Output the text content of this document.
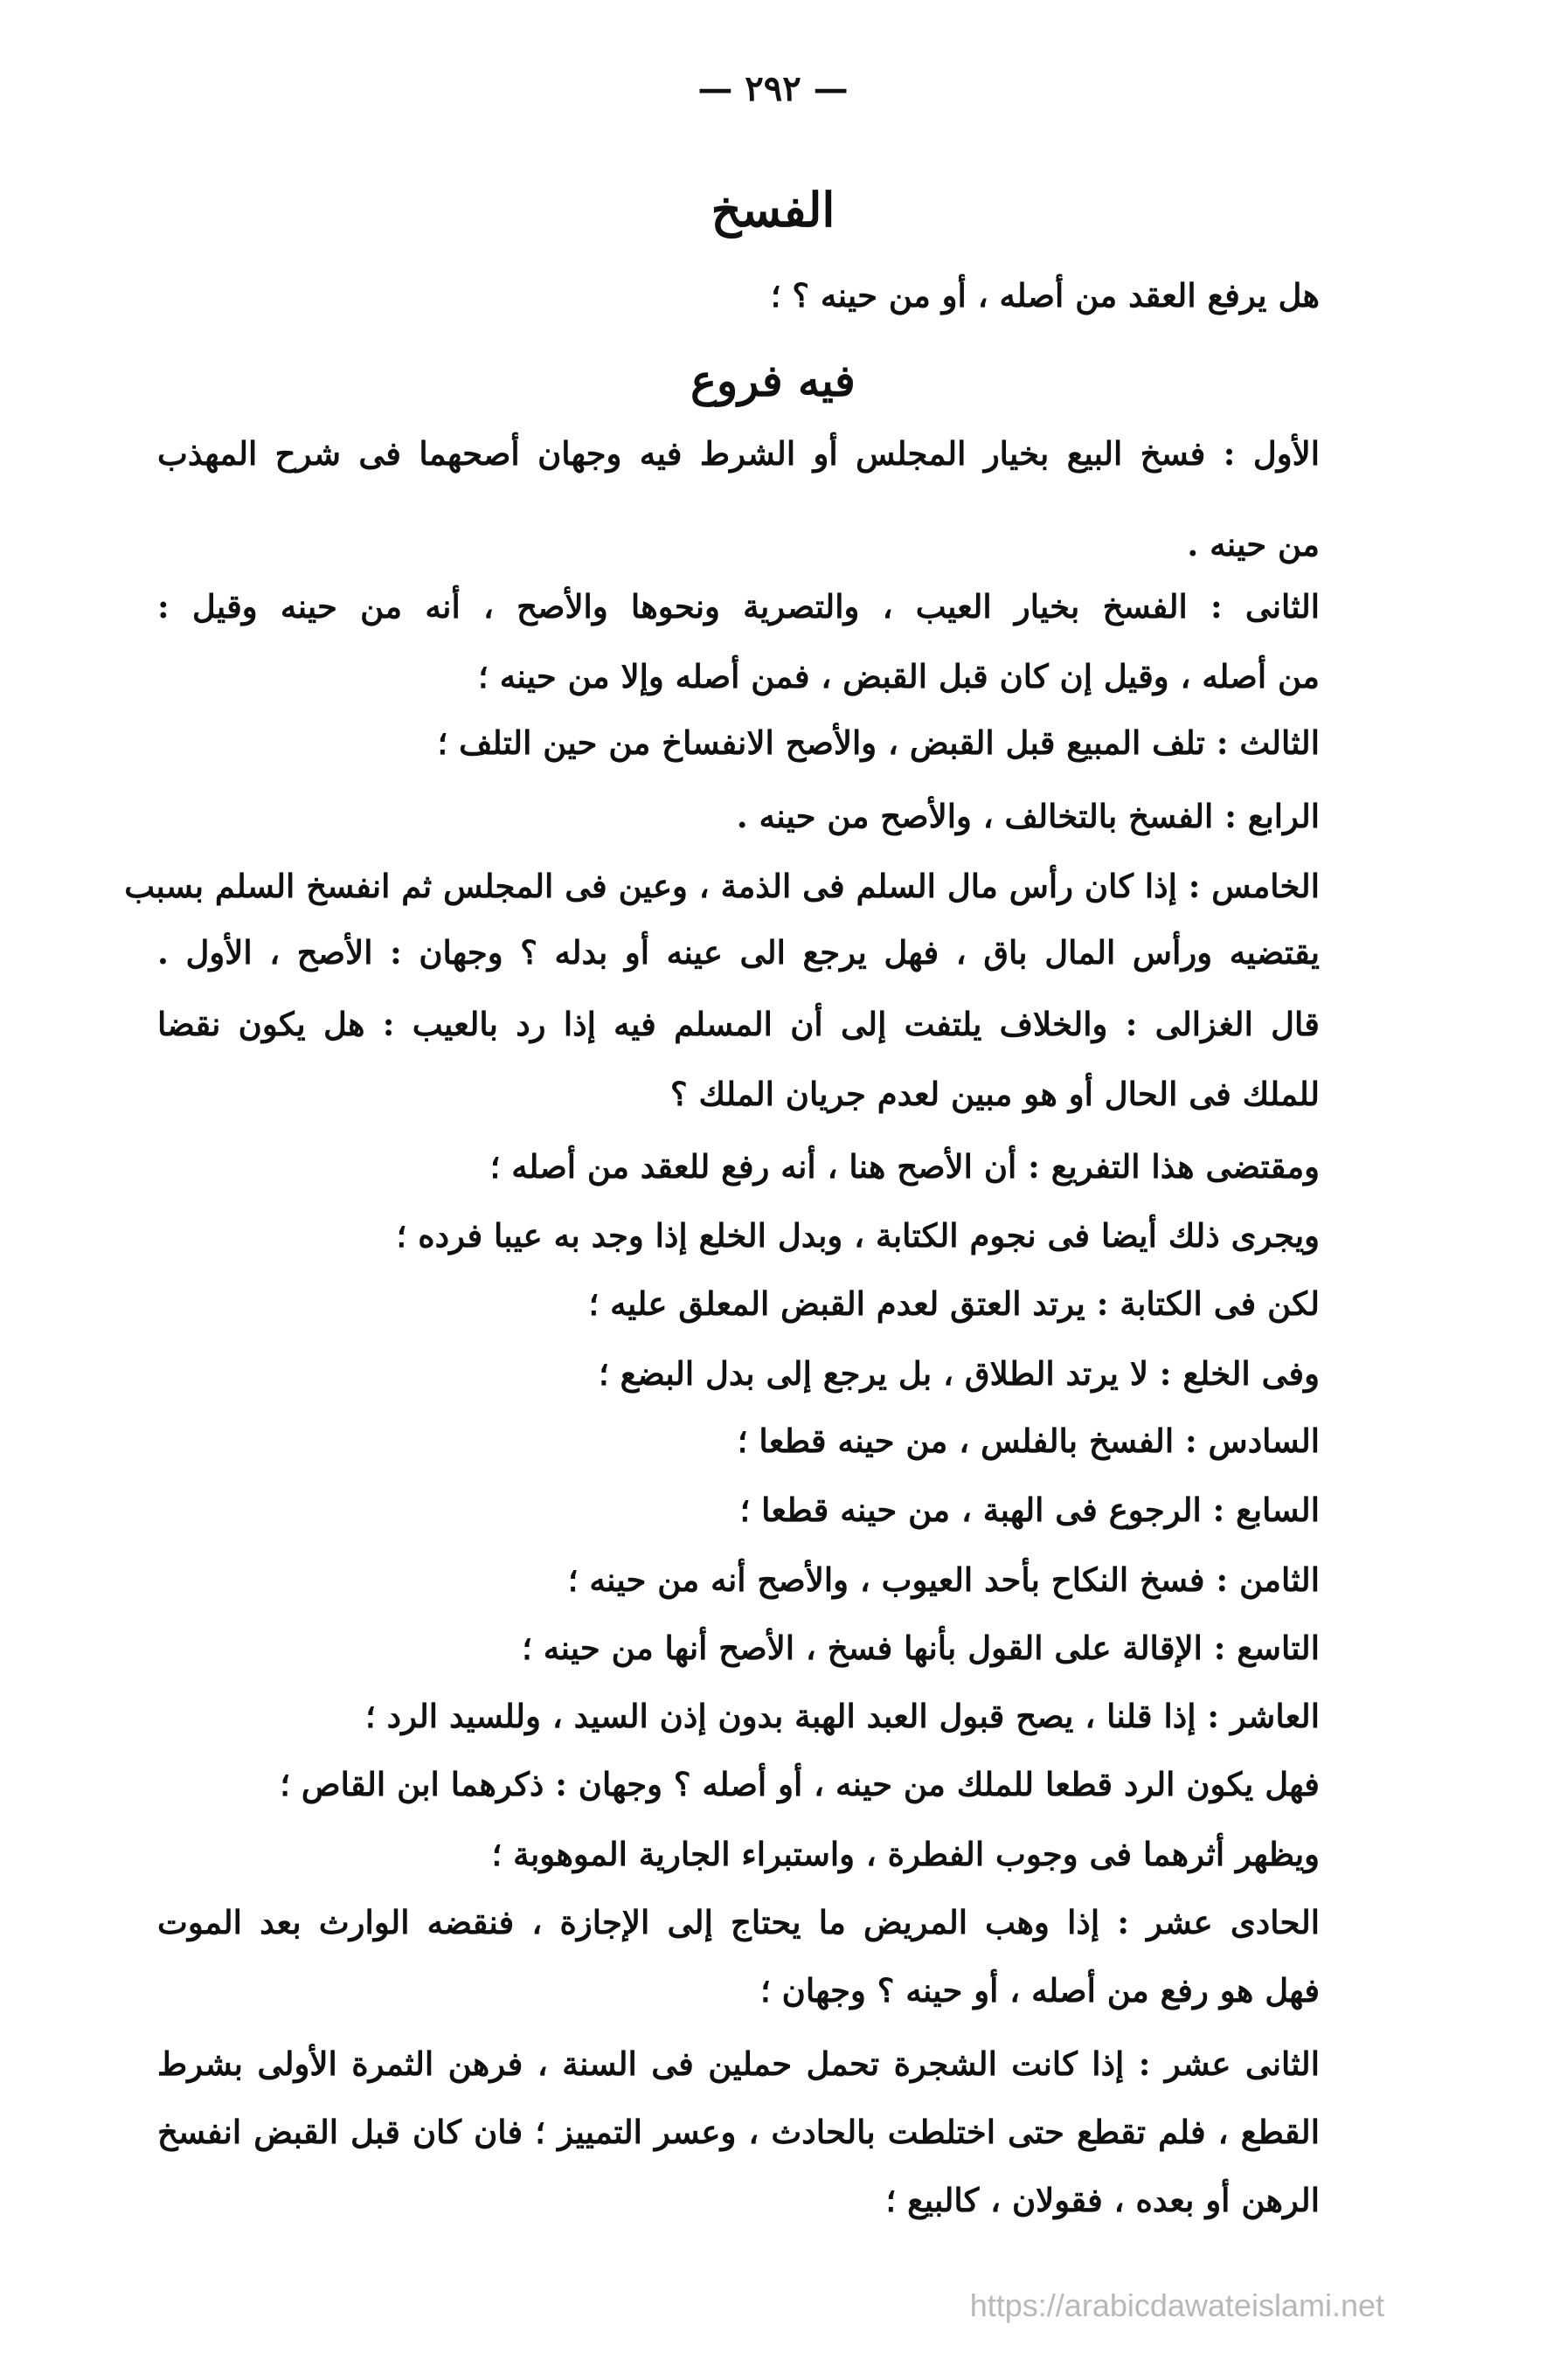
— ٢٩٢ —
الفسخ
هل يرفع العقد من أصله ، أو من حينه ؟ ؛
فيه فروع
الأول : فسخ البيع بخيار المجلس أو الشرط فيه وجهان أصحهما فى شرح المهذب
من حينه .
الثانى : الفسخ بخيار العيب ، والتصرية ونحوها والأصح ، أنه من حينه وقيل :
من أصله ، وقيل إن كان قبل القبض ، فمن أصله وإلا من حينه ؛
الثالث : تلف المبيع قبل القبض ، والأصح الانفساخ من حين التلف ؛
الرابع : الفسخ بالتخالف ، والأصح من حينه .
الخامس : إذا كان رأس مال السلم فى الذمة ، وعين فى المجلس ثم انفسخ السلم بسبب
يقتضيه ورأس المال باق ، فهل يرجع الى عينه أو بدله ؟ وجهان : الأصح ، الأول .
قال الغزالى : والخلاف يلتفت إلى أن المسلم فيه إذا رد بالعيب : هل يكون نقضا
للملك فى الحال أو هو مبين لعدم جريان الملك ؟
ومقتضى هذا التفريع : أن الأصح هنا ، أنه رفع للعقد من أصله ؛
ويجرى ذلك أيضا فى نجوم الكتابة ، وبدل الخلع إذا وجد به عيبا فرده ؛
لكن فى الكتابة : يرتد العتق لعدم القبض المعلق عليه ؛
وفى الخلع : لا يرتد الطلاق ، بل يرجع إلى بدل البضع ؛
السادس : الفسخ بالفلس ، من حينه قطعا ؛
السابع : الرجوع فى الهبة ، من حينه قطعا ؛
الثامن : فسخ النكاح بأحد العيوب ، والأصح أنه من حينه ؛
التاسع : الإقالة على القول بأنها فسخ ، الأصح أنها من حينه ؛
العاشر : إذا قلنا ، يصح قبول العبد الهبة بدون إذن السيد ، وللسيد الرد ؛
فهل يكون الرد قطعا للملك من حينه ، أو أصله ؟ وجهان : ذكرهما ابن القاص ؛
ويظهر أثرهما فى وجوب الفطرة ، واستبراء الجارية الموهوبة ؛
الحادى عشر : إذا وهب المريض ما يحتاج إلى الإجازة ، فنقضه الوارث بعد الموت
فهل هو رفع من أصله ، أو حينه ؟ وجهان ؛
الثانى عشر : إذا كانت الشجرة تحمل حملين فى السنة ، فرهن الثمرة الأولى بشرط
القطع ، فلم تقطع حتى اختلطت بالحادث ، وعسر التمييز ؛ فان كان قبل القبض انفسخ
الرهن أو بعده ، فقولان ، كالبيع ؛
https://arabicdawateislami.net
